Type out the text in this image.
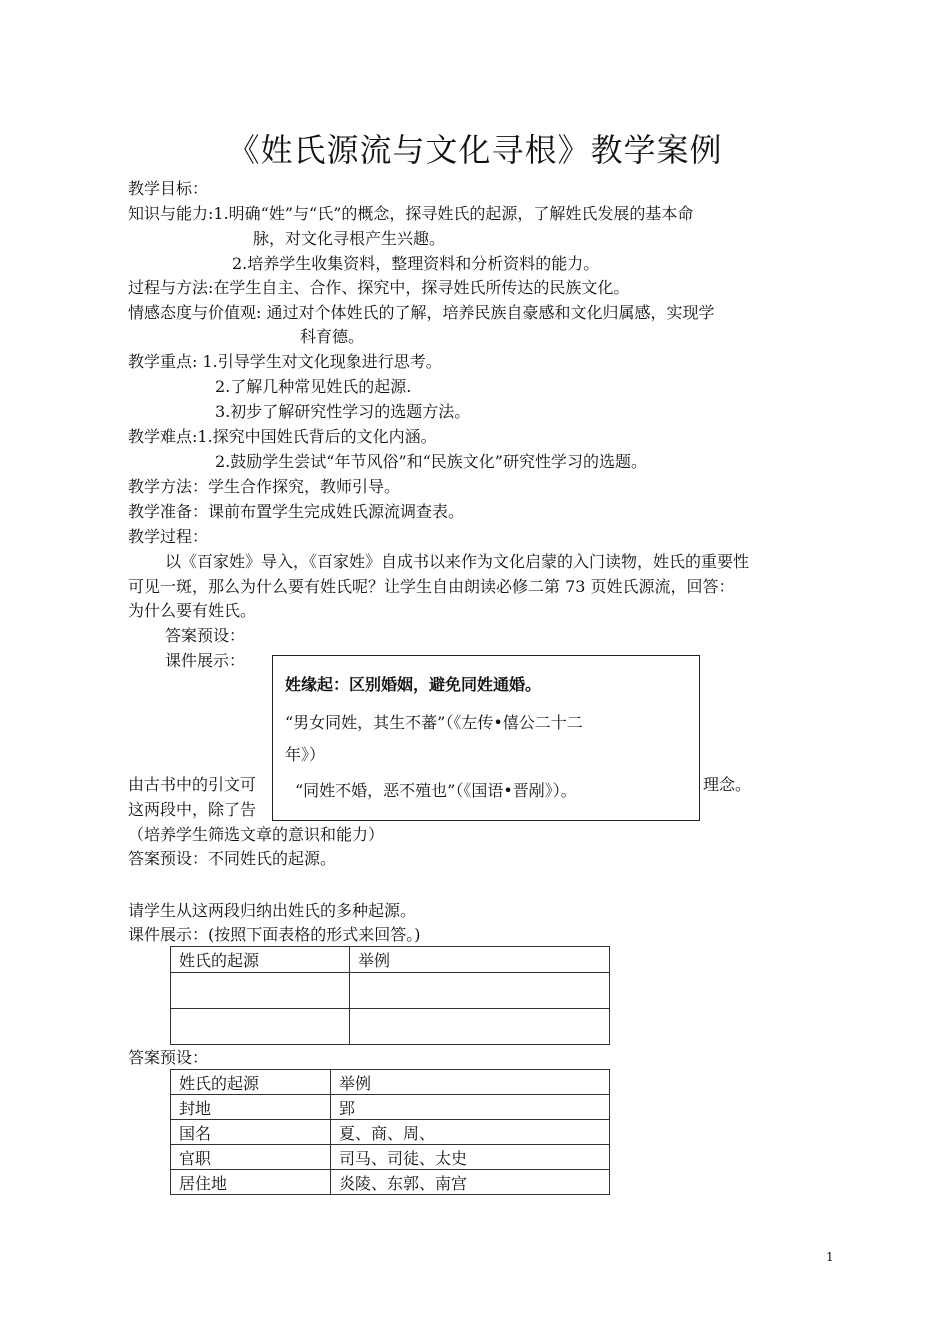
《姓氏源流与文化寻根》教学案例
教学目标：
知识与能力:1.明确“姓”与“氏”的概念，探寻姓氏的起源，了解姓氏发展的基本命
脉，对文化寻根产生兴趣。
2.培养学生收集资料，整理资料和分析资料的能力。
过程与方法:在学生自主、合作、探究中，探寻姓氏所传达的民族文化。
情感态度与价值观: 通过对个体姓氏的了解，培养民族自豪感和文化归属感，实现学
科育德。
教学重点: 1.引导学生对文化现象进行思考。
2.了解几种常见姓氏的起源.
3.初步了解研究性学习的选题方法。
教学难点:1.探究中国姓氏背后的文化内涵。
2.鼓励学生尝试“年节风俗”和“民族文化”研究性学习的选题。
教学方法：学生合作探究，教师引导。
教学准备：课前布置学生完成姓氏源流调查表。
教学过程：
以《百家姓》导入，《百家姓》自成书以来作为文化启蒙的入门读物，姓氏的重要性
可见一斑，那么为什么要有姓氏呢？让学生自由朗读必修二第 73 页姓氏源流，回答：
为什么要有姓氏。
答案预设：
课件展示：
由古书中的引文可	理念。
这两段中，除了告
姓缘起：区别婚姻，避免同姓通婚。
“男女同姓，其生不蕃”（《左传•僖公二十二
年》）
“同姓不婚，恶不殖也”（《国语•晋剐》）。
（培养学生筛选文章的意识和能力）
答案预设：不同姓氏的起源。
请学生从这两段归纳出姓氏的多种起源。
课件展示：(按照下面表格的形式来回答。)
姓氏的起源	举例

答案预设：
姓氏的起源	举例
封地	郢
国名	夏、商、周、
官职	司马、司徒、太史
居住地	炎陵、东郭、南宫
1
